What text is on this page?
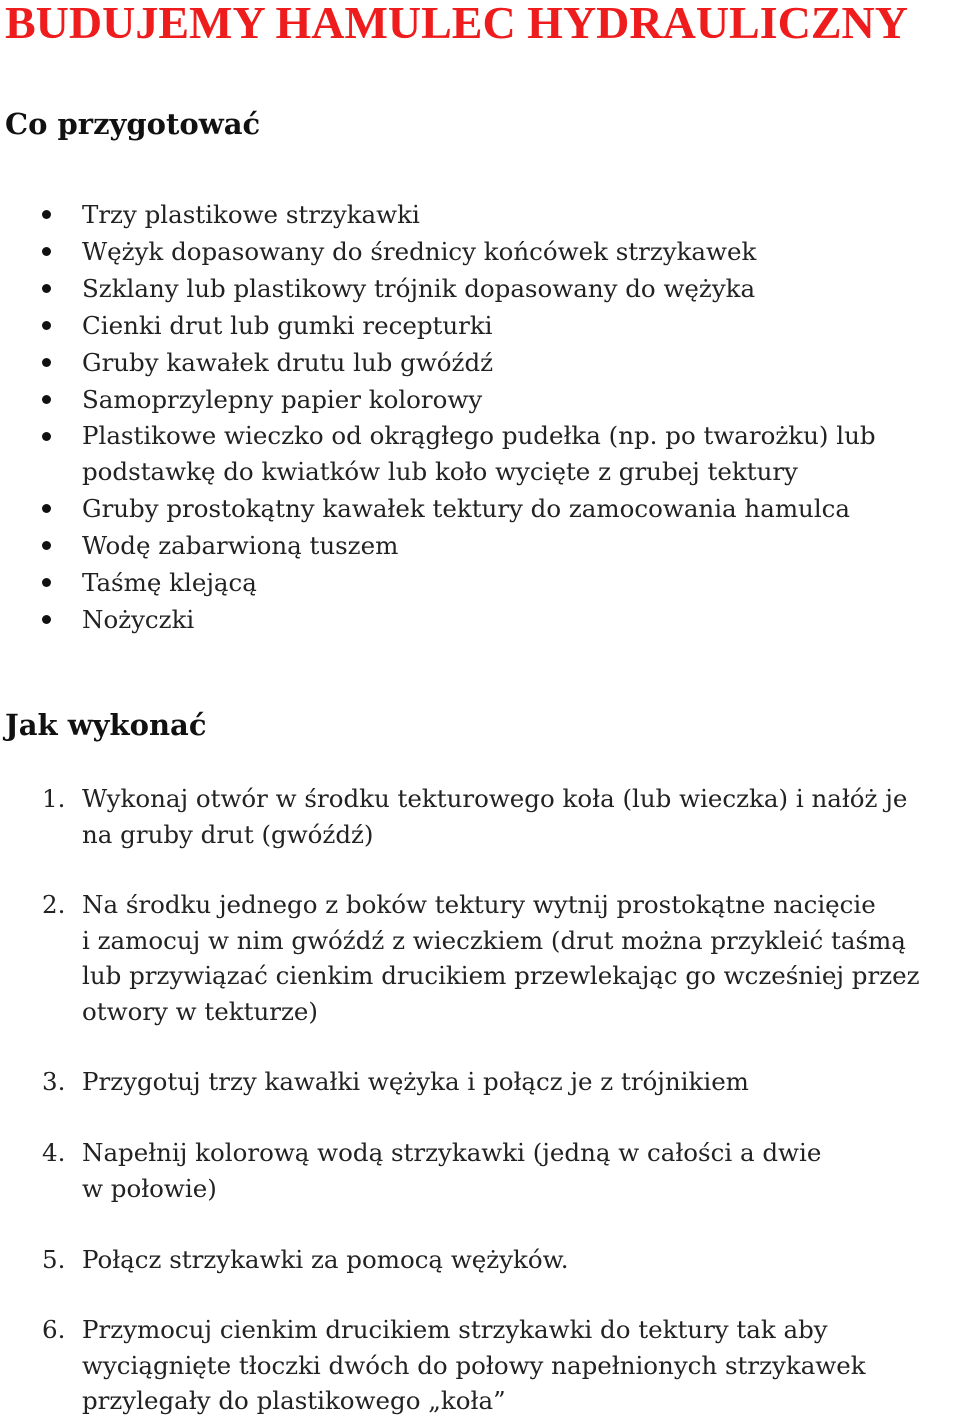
BUDUJEMY HAMULEC HYDRAULICZNY
Co przygotować
Trzy plastikowe strzykawki
Wężyk dopasowany do średnicy końcówek strzykawek
Szklany lub plastikowy trójnik dopasowany do wężyka
Cienki drut lub gumki recepturki
Gruby kawałek drutu lub gwóźdź
Samoprzylepny papier kolorowy
Plastikowe wieczko od okrągłego pudełka (np. po twarożku) lub podstawkę do kwiatków lub koło wycięte z grubej tektury
Gruby prostokątny kawałek tektury do zamocowania hamulca
Wodę zabarwioną tuszem
Taśmę klejącą
Nożyczki
Jak wykonać
1. Wykonaj otwór w środku tekturowego koła (lub wieczka) i nałóż je
na gruby drut (gwóźdź)
2. Na środku jednego z boków tektury wytnij prostokątne nacięcie
i zamocuj w nim gwóźdź z wieczkiem (drut można przykleić taśmą
lub przywiązać cienkim drucikiem przewlekając go wcześniej przez
otwory w tekturze)
3. Przygotuj trzy kawałki wężyka i połącz je z trójnikiem
4. Napełnij kolorową wodą strzykawki (jedną w całości a dwie
w połowie)
5. Połącz strzykawki za pomocą wężyków.
6. Przymocuj cienkim drucikiem strzykawki do tektury tak aby
wyciągnięte tłoczki dwóch do połowy napełnionych strzykawek
przylegały do plastikowego „koła”
